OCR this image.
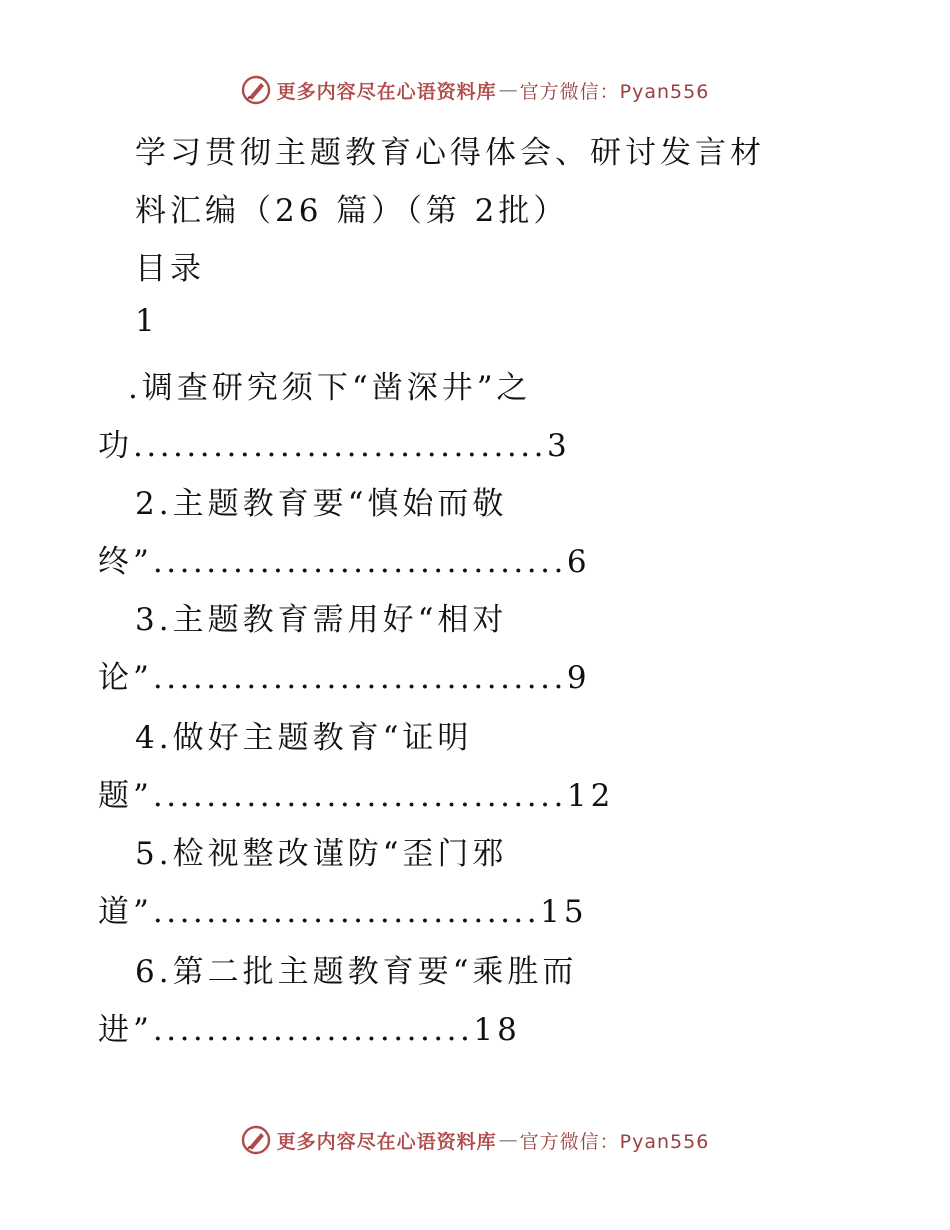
更多内容尽在心语资料库 — 官方微信：Pyan556
学习贯彻主题教育心得体会、研讨发言材
料汇编（26 篇）（第 2批）
目录
1
.调查研究须下“凿深井”之
功...............................3
2.主题教育要“慎始而敬
终”...............................6
3.主题教育需用好“相对
论”...............................9
4.做好主题教育“证明
题”...............................12
5.检视整改谨防“歪门邪
道”.............................15
6.第二批主题教育要“乘胜而
进”........................18
更多内容尽在心语资料库 — 官方微信：Pyan556
